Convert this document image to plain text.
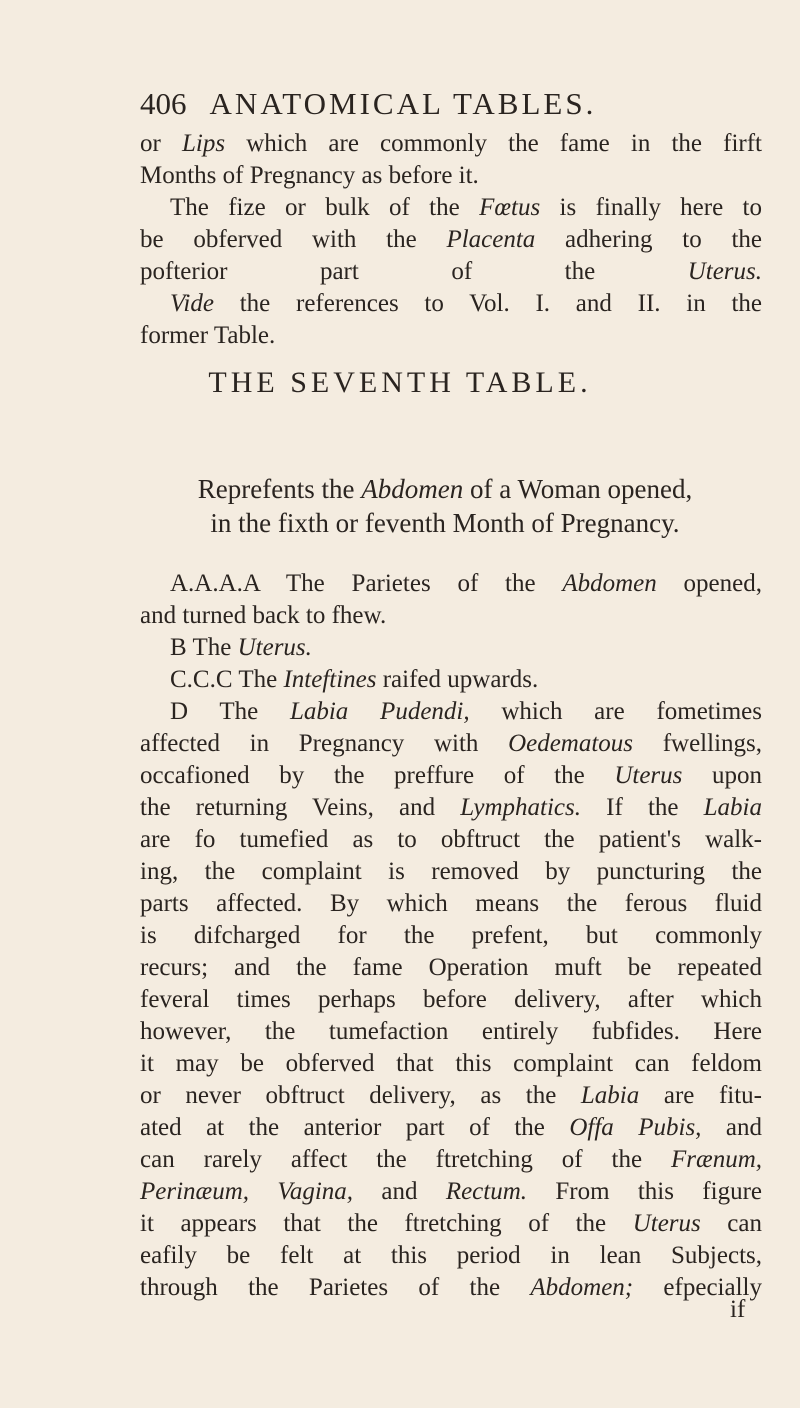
406 ANATOMICAL TABLES.
or Lips which are commonly the fame in the firft
Months of Pregnancy as before it.
The fize or bulk of the Fœtus is finally here to
be obferved with the Placenta adhering to the
pofterior part of the Uterus.
Vide the references to Vol. I. and II. in the
former Table.
THE SEVENTH TABLE.
Reprefents the Abdomen of a Woman opened,
in the fixth or feventh Month of Pregnancy.
A.A.A.A The Parietes of the Abdomen opened,
and turned back to fhew.
B The Uterus.
C.C.C The Inteftines raifed upwards.
D The Labia Pudendi, which are fometimes
affected in Pregnancy with Oedematous fwellings,
occafioned by the preffure of the Uterus upon
the returning Veins, and Lymphatics. If the Labia
are fo tumefied as to obftruct the patient's walk-
ing, the complaint is removed by puncturing the
parts affected. By which means the ferous fluid
is difcharged for the prefent, but commonly
recurs; and the fame Operation muft be repeated
feveral times perhaps before delivery, after which
however, the tumefaction entirely fubfides. Here
it may be obferved that this complaint can feldom
or never obftruct delivery, as the Labia are fitu-
ated at the anterior part of the Offa Pubis, and
can rarely affect the ftretching of the Frænum,
Perinæum, Vagina, and Rectum. From this figure
it appears that the ftretching of the Uterus can
eafily be felt at this period in lean Subjects,
through the Parietes of the Abdomen; efpecially
if
